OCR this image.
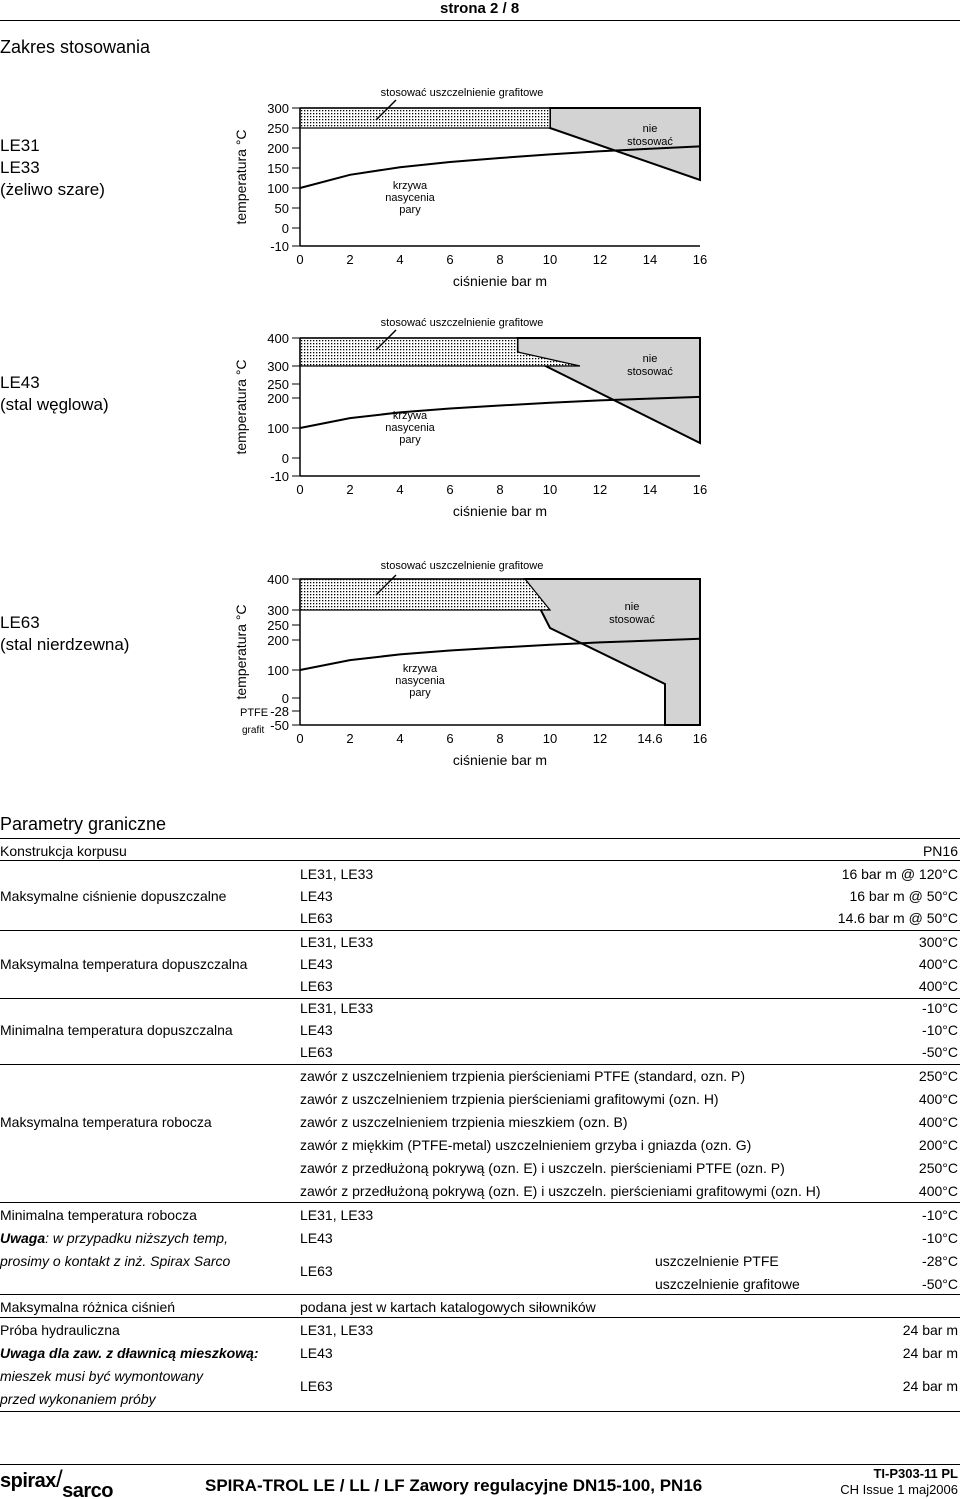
strona 2 / 8
Zakres stosowania
LE31
LE33
(żeliwo szare)
LE43
(stal węglowa)
LE63
(stal nierdzewna)
300
250
200
150
100
50
0
-10
0	2	4	6	8	10	12	14	16
ciśnienie bar m
temperatura °C
stosować uszczelnienie grafitowe
nie
stosować
krzywa
nasycenia
pary
400
300
250
200
100
0
-10
0	2	4	6	8	10	12	14	16
ciśnienie bar m
temperatura °C
stosować uszczelnienie grafitowe
nie
stosować
krzywa
nasycenia
pary
400
300
250
200
100
0
-28
-50
0	2	4	6	8	10	12 14.6 16
ciśnienie bar m
temperatura °C
stosować uszczelnienie grafitowe
nie
stosować
krzywa
nasycenia
pary
PTFE
grafit
Parametry graniczne
Konstrukcja korpusu	PN16
Maksymalne ciśnienie dopuszczalne
LE31, LE33	16 bar m @ 120°C
LE43	16 bar m @ 50°C
LE63	14.6 bar m @ 50°C
Maksymalna temperatura dopuszczalna
LE31, LE33	300°C
LE43	400°C
LE63	400°C
Minimalna temperatura dopuszczalna
LE31, LE33	-10°C
LE43	-10°C
LE63	-50°C
Maksymalna temperatura robocza
zawór z uszczelnieniem trzpienia pierścieniami PTFE (standard, ozn. P)	250°C
zawór z uszczelnieniem trzpienia pierścieniami grafitowymi (ozn. H)	400°C
zawór z uszczelnieniem trzpienia mieszkiem (ozn. B)	400°C
zawór z miękkim (PTFE-metal) uszczelnieniem grzyba i gniazda (ozn. G)	200°C
zawór z przedłużoną pokrywą (ozn. E) i uszczeln. pierścieniami PTFE (ozn. P)	250°C
zawór z przedłużoną pokrywą (ozn. E) i uszczeln. pierścieniami grafitowymi (ozn. H)	400°C
Minimalna temperatura robocza
Uwaga: w przypadku niższych temp,
prosimy o kontakt z inż. Spirax Sarco
LE31, LE33	-10°C
LE43	-10°C
LE63
uszczelnienie PTFE	-28°C
uszczelnienie grafitowe	-50°C
Maksymalna różnica ciśnień	podana jest w kartach katalogowych siłowników
Próba hydrauliczna
Uwaga dla zaw. z dławnicą mieszkową:
mieszek musi być wymontowany
przed wykonaniem próby
LE31, LE33	24 bar m
LE43	24 bar m
LE63	24 bar m
spirax/sarco	SPIRA-TROL LE / LL / LF Zawory regulacyjne DN15-100, PN16
TI-P303-11 PL
CH Issue 1 maj2006
